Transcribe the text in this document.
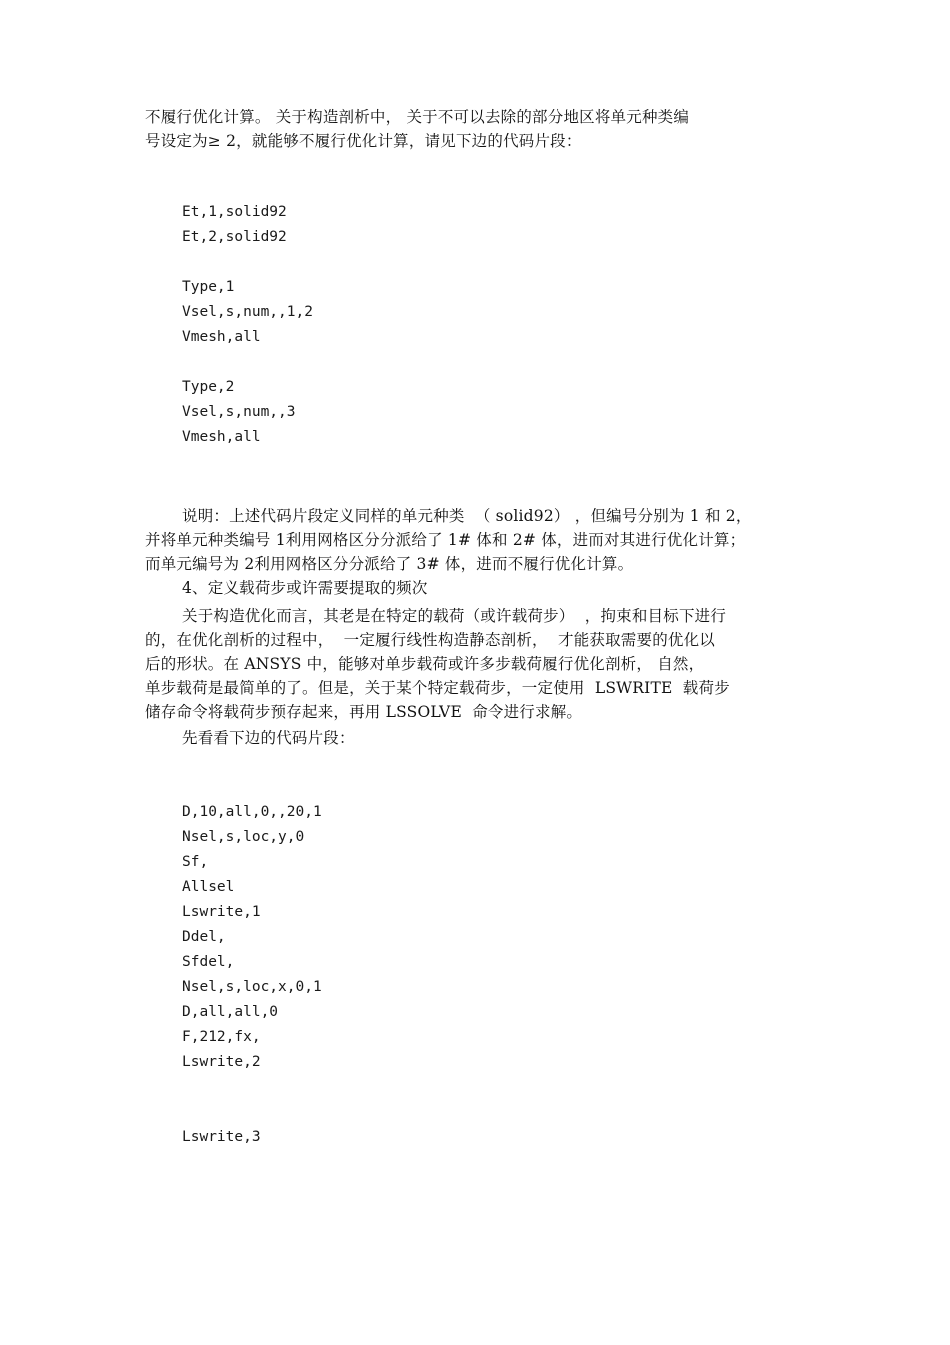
不履行优化计算。 关于构造剖析中， 关于不可以去除的部分地区将单元种类编
号设定为≥ 2，就能够不履行优化计算，请见下边的代码片段：
Et,1,solid92
Et,2,solid92
Type,1
Vsel,s,num,,1,2
Vmesh,all
Type,2
Vsel,s,num,,3
Vmesh,all
说明：上述代码片段定义同样的单元种类  （ solid92） ，但编号分别为 1 和 2，
并将单元种类编号 1利用网格区分分派给了 1# 体和 2# 体，进而对其进行优化计算；
而单元编号为 2利用网格区分分派给了 3# 体，进而不履行优化计算。
4、定义载荷步或许需要提取的频次
关于构造优化而言，其老是在特定的载荷（或许载荷步）  ，拘束和目标下进行
的，在优化剖析的过程中，  一定履行线性构造静态剖析，  才能获取需要的优化以
后的形状。在 ANSYS 中，能够对单步载荷或许多步载荷履行优化剖析， 自然，
单步载荷是最简单的了。但是，关于某个特定载荷步，一定使用  LSWRITE  载荷步
储存命令将载荷步预存起来，再用 LSSOLVE  命令进行求解。
先看看下边的代码片段：
D,10,all,0,,20,1
Nsel,s,loc,y,0
Sf,
Allsel
Lswrite,1
Ddel,
Sfdel,
Nsel,s,loc,x,0,1
D,all,all,0
F,212,fx,
Lswrite,2
Lswrite,3
